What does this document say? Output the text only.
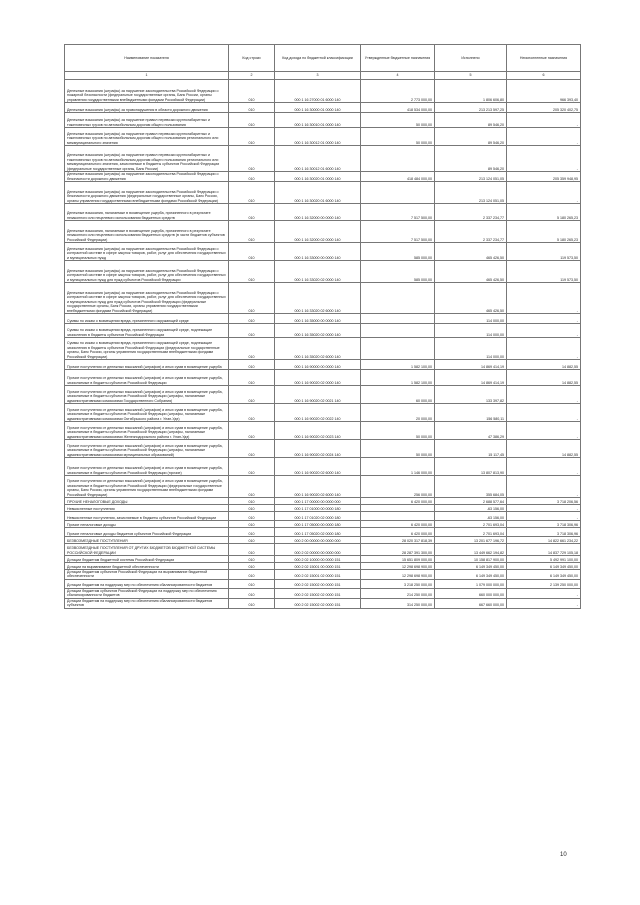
Наименование показателя	Код строки	Код дохода по бюджетной классификации	Утвержденные бюджетные назначения	Исполнено	Неисполненные назначения
1	2	3	4	5	6
Денежные взыскания (штрафы) за нарушение законодательства Российской Федерации о пожарной безопасности (федеральные государственные органы, Банк России, органы управления государственными внебюджетными фондами Российской Федерации)	010	000 1 16 27000 01 6000 140	2 773 000,00	1 806 606,80	966 393,40
Денежные взыскания (штрафы) за правонарушения в области дорожного движения	010	000 1 16 30000 01 0000 140	418 534 000,00	213 213 597,25	205 320 402,75
Денежные взыскания (штрафы) за нарушение правил перевозки крупногабаритных и тяжеловесных грузов по автомобильным дорогам общего пользования	010	000 1 16 30010 01 0000 140	50 000,00	89 546,20	-
Денежные взыскания (штрафы) за нарушение правил перевозки крупногабаритных и тяжеловесных грузов по автомобильным дорогам общего пользования регионального или межмуниципального значения	010	000 1 16 30012 01 0000 140	50 000,00	89 546,20	-
Денежные взыскания (штрафы) за нарушение правил перевозки крупногабаритных и тяжеловесных грузов по автомобильным дорогам общего пользования регионального или межмуниципального значения, зачисляемые в бюджеты субъектов Российской Федерации (федеральные государственные органы, Банк России)	010	000 1 16 30012 01 6000 140		89 546,20	-
Денежные взыскания (штрафы) за нарушение законодательства Российской Федерации о безопасности дорожного движения	010	000 1 16 30020 01 0000 140	418 484 000,00	213 124 051,05	205 359 948,95
Денежные взыскания (штрафы) за нарушение законодательства Российской Федерации о безопасности дорожного движения (федеральные государственные органы, Банк России, органы управления государственными внебюджетными фондами Российской Федерации)	010	000 1 16 30020 01 6000 140		213 124 051,05	-
Денежные взыскания, налагаемые в возмещение ущерба, причиненного в результате незаконного или нецелевого использования бюджетных средств	010	000 1 16 32000 00 0000 140	7 517 500,00	2 337 234,77	5 180 265,23
Денежные взыскания, налагаемые в возмещение ущерба, причиненного в результате незаконного или нецелевого использования бюджетных средств (в части бюджетов субъектов Российской Федерации)	010	000 1 16 32000 02 0000 140	7 517 500,00	2 337 234,77	5 180 265,23
Денежные взыскания (штрафы) за нарушение законодательства Российской Федерации о контрактной системе в сфере закупок товаров, работ, услуг для обеспечения государственных и муниципальных нужд	010	000 1 16 33000 00 0000 140	585 000,00	465 426,50	119 573,50
Денежные взыскания (штрафы) за нарушение законодательства Российской Федерации о контрактной системе в сфере закупок товаров, работ, услуг для обеспечения государственных и муниципальных нужд для нужд субъектов Российской Федерации	010	000 1 16 33020 02 0000 140	585 000,00	465 426,50	119 573,50
Денежные взыскания (штрафы) за нарушение законодательства Российской Федерации о контрактной системе в сфере закупок товаров, работ, услуг для обеспечения государственных и муниципальных нужд для нужд субъектов Российской Федерации (федеральные государственные органы, Банк России, органы управления государственными внебюджетными фондами Российской Федерации)	010	000 1 16 33020 02 6000 140		465 426,50	-
Суммы по искам о возмещении вреда, причиненного окружающей среде	010	000 1 16 35000 00 0000 140		114 000,00	-
Суммы по искам о возмещении вреда, причиненного окружающей среде, подлежащие зачислению в бюджеты субъектов Российской Федерации	010	000 1 16 35020 02 0000 140		114 000,00	-
Суммы по искам о возмещении вреда, причиненного окружающей среде, подлежащие зачислению в бюджеты субъектов Российской Федерации (федеральные государственные органы, Банк России, органы управления государственными внебюджетными фондами Российской Федерации)	010	000 1 16 35020 02 6000 140		114 000,00	-
Прочие поступления от денежных взысканий (штрафов) и иных сумм в возмещение ущерба	010	000 1 16 90000 00 0000 140	1 582 100,00	14 869 414,19	14 882,55
Прочие поступления от денежных взысканий (штрафов) и иных сумм в возмещение ущерба, зачисляемые в бюджеты субъектов Российской Федерации	010	000 1 16 90020 02 0000 140	1 582 100,00	14 869 414,19	14 882,55
Прочие поступления от денежных взысканий (штрафов) и иных сумм в возмещение ущерба, зачисляемые в бюджеты субъектов Российской Федерации (штрафы, налагаемые административными комиссиями Государственного Собрания)	010	000 1 16 90020 02 0021 140	60 000,00	133 397,82	-
Прочие поступления от денежных взысканий (штрафов) и иных сумм в возмещение ущерба, зачисляемые в бюджеты субъектов Российской Федерации (штрафы, налагаемые административными комиссиями Октябрьского района г. Улан-Удэ)	010	000 1 16 90020 02 0022 140	20 000,00	156 580,11	-
Прочие поступления от денежных взысканий (штрафов) и иных сумм в возмещение ущерба, зачисляемые в бюджеты субъектов Российской Федерации (штрафы, налагаемые административными комиссиями Железнодорожного района г. Улан-Удэ)	010	000 1 16 90020 02 0023 140	50 000,00	47 386,29	-
Прочие поступления от денежных взысканий (штрафов) и иных сумм в возмещение ущерба, зачисляемые в бюджеты субъектов Российской Федерации (штрафы, налагаемые административными комиссиями муниципальных образований)	010	000 1 16 90020 02 0024 140	50 000,00	15 117,45	14 882,55
Прочие поступления от денежных взысканий (штрафов) и иных сумм в возмещение ущерба, зачисляемые в бюджеты субъектов Российской Федерации (прочие)	010	000 1 16 90020 02 6000 140	1 146 000,00	13 807 813,90	-
Прочие поступления от денежных взысканий (штрафов) и иных сумм в возмещение ущерба, зачисляемые в бюджеты субъектов Российской Федерации (федеральные государственные органы, Банк России, органы управления государственными внебюджетными фондами Российской Федерации)	010	000 1 16 90020 02 6000 140	256 000,00	355 684,05	-
ПРОЧИЕ НЕНАЛОГОВЫЕ ДОХОДЫ	010	000 1 17 00000 00 0000 000	6 420 000,00	2 688 577,64	3 718 206,56
Невыясненные поступления	010	000 1 17 01000 00 0000 180		-63 156,00	-
Невыясненные поступления, зачисляемые в бюджеты субъектов Российской Федерации	010	000 1 17 01020 02 0000 180		-63 156,00	-
Прочие неналоговые доходы	010	000 1 17 05000 00 0000 180	6 420 000,00	2 701 693,04	3 718 306,96
Прочие неналоговые доходы бюджетов субъектов Российской Федерации	010	000 1 17 05020 02 0000 180	6 420 000,00	2 701 693,04	3 718 306,96
БЕЗВОЗМЕЗДНЫЕ ПОСТУПЛЕНИЯ	010	000 2 00 00000 00 0000 000	28 020 317 818,39	13 201 677 196,72	14 822 661 234,22
БЕЗВОЗМЕЗДНЫЕ ПОСТУПЛЕНИЯ ОТ ДРУГИХ БЮДЖЕТОВ БЮДЖЕТНОЙ СИСТЕМЫ РОССИЙСКОЙ ФЕДЕРАЦИИ	010	000 2 02 00000 00 0000 000	28 287 391 300,00	13 449 662 194,82	14 837 729 105,18
Дотации бюджетам бюджетной системы Российской Федерации	010	000 2 02 10000 00 0000 151	15 651 809 000,00	10 158 817 900,00	5 492 991 100,00
Дотации на выравнивание бюджетной обеспеченности	010	000 2 02 15001 00 0000 151	12 298 698 900,00	6 149 349 450,00	6 149 349 450,00
Дотации бюджетам субъектов Российской Федерации на выравнивание бюджетной обеспеченности	010	000 2 02 15001 02 0000 151	12 298 698 900,00	6 149 349 450,00	6 149 349 450,00
Дотации бюджетам на поддержку мер по обеспечению сбалансированности бюджетов	010	000 2 02 15002 00 0000 151	3 218 250 000,00	1 079 000 000,00	2 139 250 000,00
Дотации бюджетам субъектов Российской Федерации на поддержку мер по обеспечению сбалансированности бюджетов	010	000 2 02 15002 02 0000 151	214 250 000,00	660 000 000,00	-
Дотации бюджетам на поддержку мер по обеспечению сбалансированности бюджетов субъектов	010	000 2 02 15002 02 0000 151	314 250 000,00	667 660 000,00	-
10
